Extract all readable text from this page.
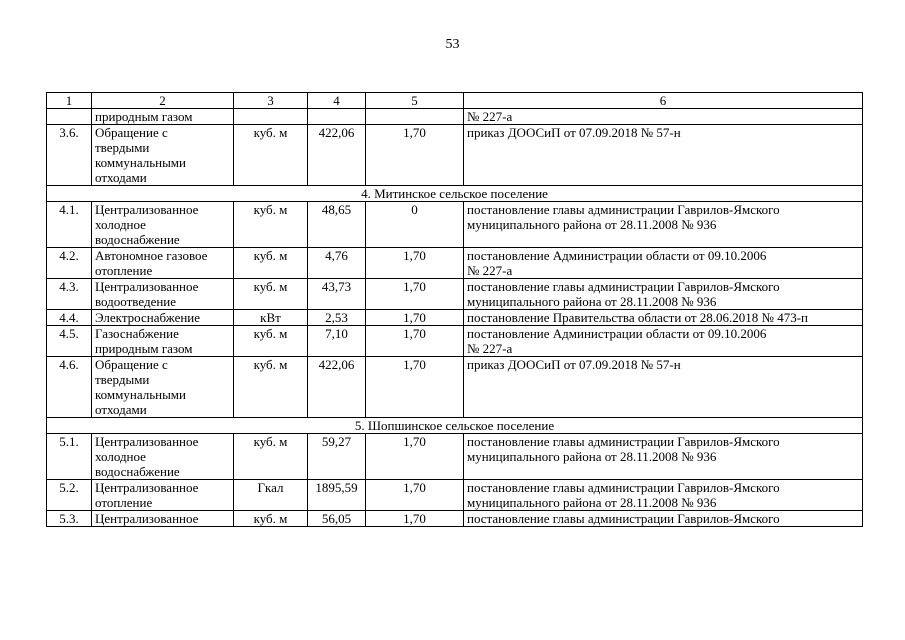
53
1	2	3	4	5	6

	природным газом				№ 227-а

3.6.	Обращение с
твердыми
коммунальными
отходами	куб. м	422,06	1,70	приказ ДООСиП от 07.09.2018 № 57-н

4. Митинское сельское поселение					
4.1.	Централизованное
холодное
водоснабжение	куб. м	48,65	0	постановление главы администрации Гаврилов-Ямского
муниципального района от 28.11.2008 № 936

4.2.	Автономное газовое
отопление	куб. м	4,76	1,70	постановление Администрации области от 09.10.2006
№ 227-а

4.3.	Централизованное
водоотведение	куб. м	43,73	1,70	постановление главы администрации Гаврилов-Ямского
муниципального района от 28.11.2008 № 936

4.4.	Электроснабжение	кВт	2,53	1,70	постановление Правительства области от 28.06.2018 № 473-п

4.5.	Газоснабжение
природным газом	куб. м	7,10	1,70	постановление Администрации области от 09.10.2006
№ 227-а

4.6.	Обращение с
твердыми
коммунальными
отходами	куб. м	422,06	1,70	приказ ДООСиП от 07.09.2018 № 57-н

5. Шопшинское сельское поселение					
5.1.	Централизованное
холодное
водоснабжение	куб. м	59,27	1,70	постановление главы администрации Гаврилов-Ямского
муниципального района от 28.11.2008 № 936

5.2.	Централизованное
отопление	Гкал	1895,59	1,70	постановление главы администрации Гаврилов-Ямского
муниципального района от 28.11.2008 № 936

5.3.	Централизованное	куб. м	56,05	1,70	постановление главы администрации Гаврилов-Ямского
